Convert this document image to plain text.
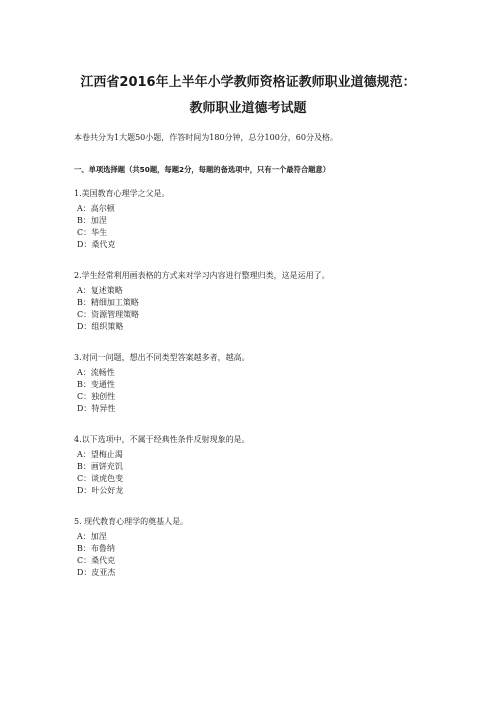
江西省2016年上半年小学教师资格证教师职业道德规范：
教师职业道德考试题
本卷共分为1大题50小题，作答时间为180分钟，总分100分，60分及格。
一、单项选择题（共50题，每题2分，每题的备选项中，只有一个最符合题意）
1.美国教育心理学之父是。
A：高尔顿
B：加涅
C：华生
D：桑代克
2.学生经常利用画表格的方式来对学习内容进行整理归类，这是运用了。
A：复述策略
B：精细加工策略
C：资源管理策略
D：组织策略
3.对同一问题，想出不同类型答案越多者，越高。
A：流畅性
B：变通性
C：独创性
D：特异性
4.以下选项中，不属于经典性条件反射现象的是。
A：望梅止渴
B：画饼充饥
C：谈虎色变
D：叶公好龙
5. 现代教育心理学的奠基人是。
A：加涅
B：布鲁纳
C：桑代克
D：皮亚杰
